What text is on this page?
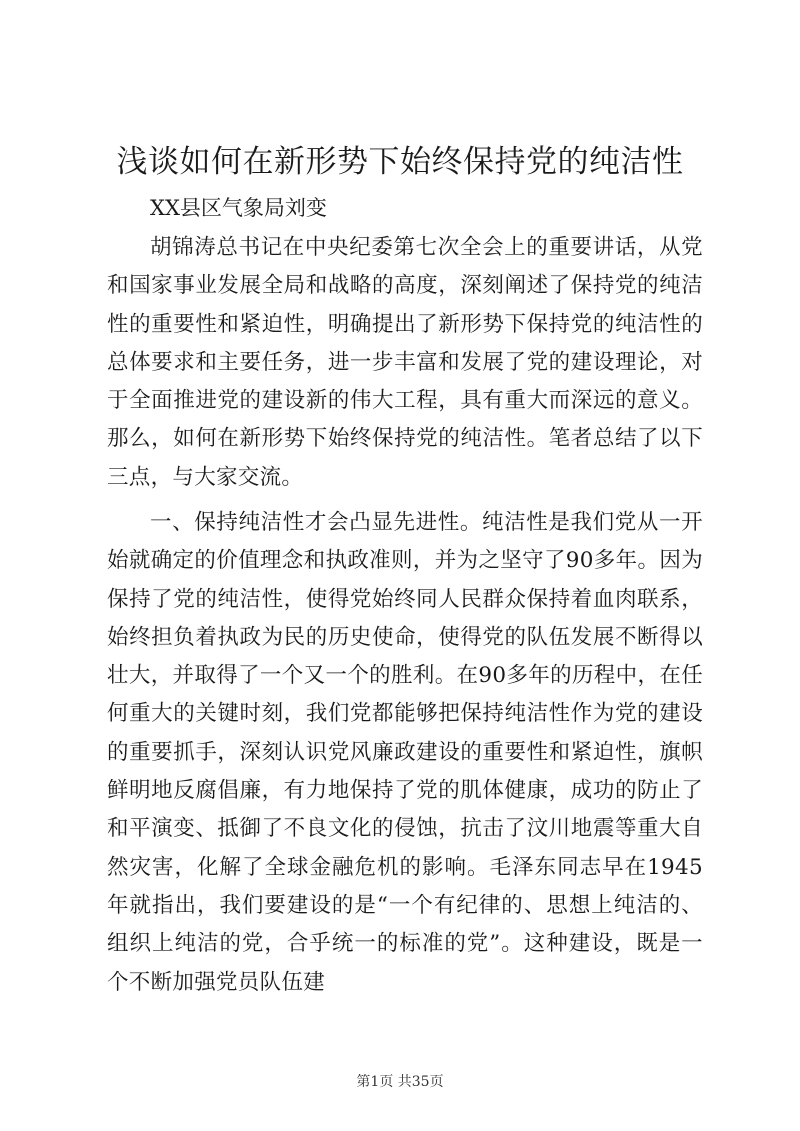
浅谈如何在新形势下始终保持党的纯洁性

XX县区气象局刘变

胡锦涛总书记在中央纪委第七次全会上的重要讲话，从党和国家事业发展全局和战略的高度，深刻阐述了保持党的纯洁性的重要性和紧迫性，明确提出了新形势下保持党的纯洁性的总体要求和主要任务，进一步丰富和发展了党的建设理论，对于全面推进党的建设新的伟大工程，具有重大而深远的意义。那么，如何在新形势下始终保持党的纯洁性。笔者总结了以下三点，与大家交流。

一、保持纯洁性才会凸显先进性。纯洁性是我们党从一开始就确定的价值理念和执政准则，并为之坚守了90多年。因为保持了党的纯洁性，使得党始终同人民群众保持着血肉联系，始终担负着执政为民的历史使命，使得党的队伍发展不断得以壮大，并取得了一个又一个的胜利。在90多年的历程中，在任何重大的关键时刻，我们党都能够把保持纯洁性作为党的建设的重要抓手，深刻认识党风廉政建设的重要性和紧迫性，旗帜鲜明地反腐倡廉，有力地保持了党的肌体健康，成功的防止了和平演变、抵御了不良文化的侵蚀，抗击了汶川地震等重大自然灾害，化解了全球金融危机的影响。毛泽东同志早在1945年就指出，我们要建设的是“一个有纪律的、思想上纯洁的、组织上纯洁的党，合乎统一的标准的党”。这种建设，既是一个不断加强党员队伍建

第1页 共35页
